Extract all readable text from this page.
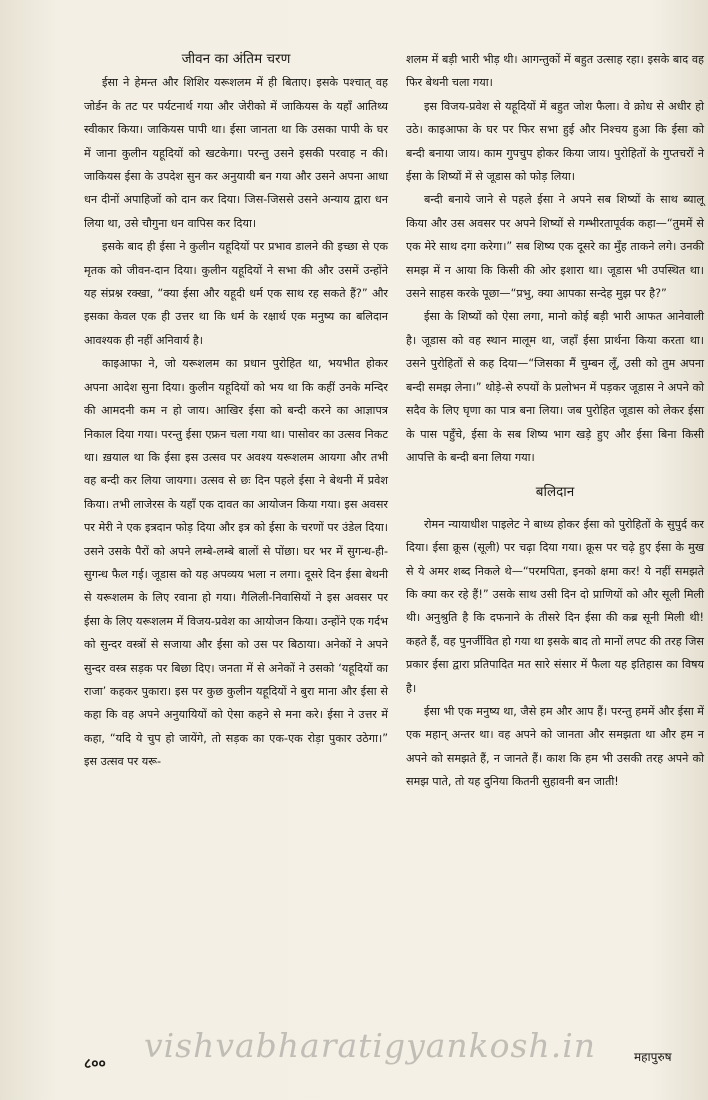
जीवन का अंतिम चरण

ईसा ने हेमन्त और शिशिर यरूशलम में ही बिताए। इसके पश्चात् वह जोर्डन के तट पर पर्यटनार्थ गया और जेरीको में जाकियस के यहाँ आतिथ्य स्वीकार किया। जाकियस पापी था। ईसा जानता था कि उसका पापी के घर में जाना कुलीन यहूदियों को खटकेगा। परन्तु उसने इसकी परवाह न की। जाकियस ईसा के उपदेश सुन कर अनुयायी बन गया और उसने अपना आधा धन दीनों अपाहिजों को दान कर दिया। जिस-जिससे उसने अन्याय द्वारा धन लिया था, उसे चौगुना धन वापिस कर दिया।

इसके बाद ही ईसा ने कुलीन यहूदियों पर प्रभाव डालने की इच्छा से एक मृतक को जीवन-दान दिया। कुलीन यहूदियों ने सभा की और उसमें उन्होंने यह संप्रश्न रक्खा, “क्या ईसा और यहूदी धर्म एक साथ रह सकते हैं?” और इसका केवल एक ही उत्तर था कि धर्म के रक्षार्थ एक मनुष्य का बलिदान आवश्यक ही नहीं अनिवार्य है।

काइआफा ने, जो यरूशलम का प्रधान पुरोहित था, भयभीत होकर अपना आदेश सुना दिया। कुलीन यहूदियों को भय था कि कहीं उनके मन्दिर की आमदनी कम न हो जाय। आखिर ईसा को बन्दी करने का आज्ञापत्र निकाल दिया गया। परन्तु ईसा एफ्रन चला गया था। पासोवर का उत्सव निकट था। ख़याल था कि ईसा इस उत्सव पर अवश्य यरूशलम आयगा और तभी वह बन्दी कर लिया जायगा। उत्सव से छः दिन पहले ईसा ने बेथनी में प्रवेश किया। तभी लाजेरस के यहाँ एक दावत का आयोजन किया गया। इस अवसर पर मेरी ने एक इत्रदान फोड़ दिया और इत्र को ईसा के चरणों पर उंडेल दिया। उसने उसके पैरों को अपने लम्बे-लम्बे बालों से पोंछा। घर भर में सुगन्ध-ही-सुगन्ध फैल गई। जूडास को यह अपव्यय भला न लगा। दूसरे दिन ईसा बेथनी से यरूशलम के लिए रवाना हो गया। गैलिली-निवासियों ने इस अवसर पर ईसा के लिए यरूशलम में विजय-प्रवेश का आयोजन किया। उन्होंने एक गर्दभ को सुन्दर वस्त्रों से सजाया और ईसा को उस पर बिठाया। अनेकों ने अपने सुन्दर वस्त्र सड़क पर बिछा दिए। जनता में से अनेकों ने उसको ‘यहूदियों का राजा’ कहकर पुकारा। इस पर कुछ कुलीन यहूदियों ने बुरा माना और ईसा से कहा कि वह अपने अनुयायियों को ऐसा कहने से मना करे। ईसा ने उत्तर में कहा, “यदि ये चुप हो जायेंगे, तो सड़क का एक-एक रोड़ा पुकार उठेगा।” इस उत्सव पर यरू-

शलम में बड़ी भारी भीड़ थी। आगन्तुकों में बहुत उत्साह रहा। इसके बाद वह फिर बेथनी चला गया।

इस विजय-प्रवेश से यहूदियों में बहुत जोश फैला। वे क्रोध से अधीर हो उठे। काइआफा के घर पर फिर सभा हुई और निश्चय हुआ कि ईसा को बन्दी बनाया जाय। काम गुपचुप होकर किया जाय। पुरोहितों के गुप्तचरों ने ईसा के शिष्यों में से जूडास को फोड़ लिया।

बन्दी बनाये जाने से पहले ईसा ने अपने सब शिष्यों के साथ ब्यालू किया और उस अवसर पर अपने शिष्यों से गम्भीरतापूर्वक कहा—“तुममें से एक मेरे साथ दगा करेगा।” सब शिष्य एक दूसरे का मुँह ताकने लगे। उनकी समझ में न आया कि किसी की ओर इशारा था। जूडास भी उपस्थित था। उसने साहस करके पूछा—“प्रभु, क्या आपका सन्देह मुझ पर है?”

ईसा के शिष्यों को ऐसा लगा, मानो कोई बड़ी भारी आफत आनेवाली है। जूडास को वह स्थान मालूम था, जहाँ ईसा प्रार्थना किया करता था। उसने पुरोहितों से कह दिया—“जिसका मैं चुम्बन लूँ, उसी को तुम अपना बन्दी समझ लेना।” थोड़े-से रुपयों के प्रलोभन में पड़कर जूडास ने अपने को सदैव के लिए घृणा का पात्र बना लिया। जब पुरोहित जूडास को लेकर ईसा के पास पहुँचे, ईसा के सब शिष्य भाग खड़े हुए और ईसा बिना किसी आपत्ति के बन्दी बना लिया गया।

बलिदान

रोमन न्यायाधीश पाइलेट ने बाध्य होकर ईसा को पुरोहितों के सुपुर्द कर दिया। ईसा क्रूस (सूली) पर चढ़ा दिया गया। क्रूस पर चढ़े हुए ईसा के मुख से ये अमर शब्द निकले थे—“परमपिता, इनको क्षमा कर! ये नहीं समझते कि क्या कर रहे हैं!” उसके साथ उसी दिन दो प्राणियों को और सूली मिली थी। अनुश्रुति है कि दफनाने के तीसरे दिन ईसा की कब्र सूनी मिली थी! कहते हैं, वह पुनर्जीवित हो गया था इसके बाद तो मानों लपट की तरह जिस प्रकार ईसा द्वारा प्रतिपादित मत सारे संसार में फैला यह इतिहास का विषय है।

ईसा भी एक मनुष्य था, जैसे हम और आप हैं। परन्तु हममें और ईसा में एक महान् अन्तर था। वह अपने को जानता और समझता था और हम न अपने को समझते हैं, न जानते हैं। काश कि हम भी उसकी तरह अपने को समझ पाते, तो यह दुनिया कितनी सुहावनी बन जाती!

vishvabharatigyankosh.in
८००	महापुरुष
